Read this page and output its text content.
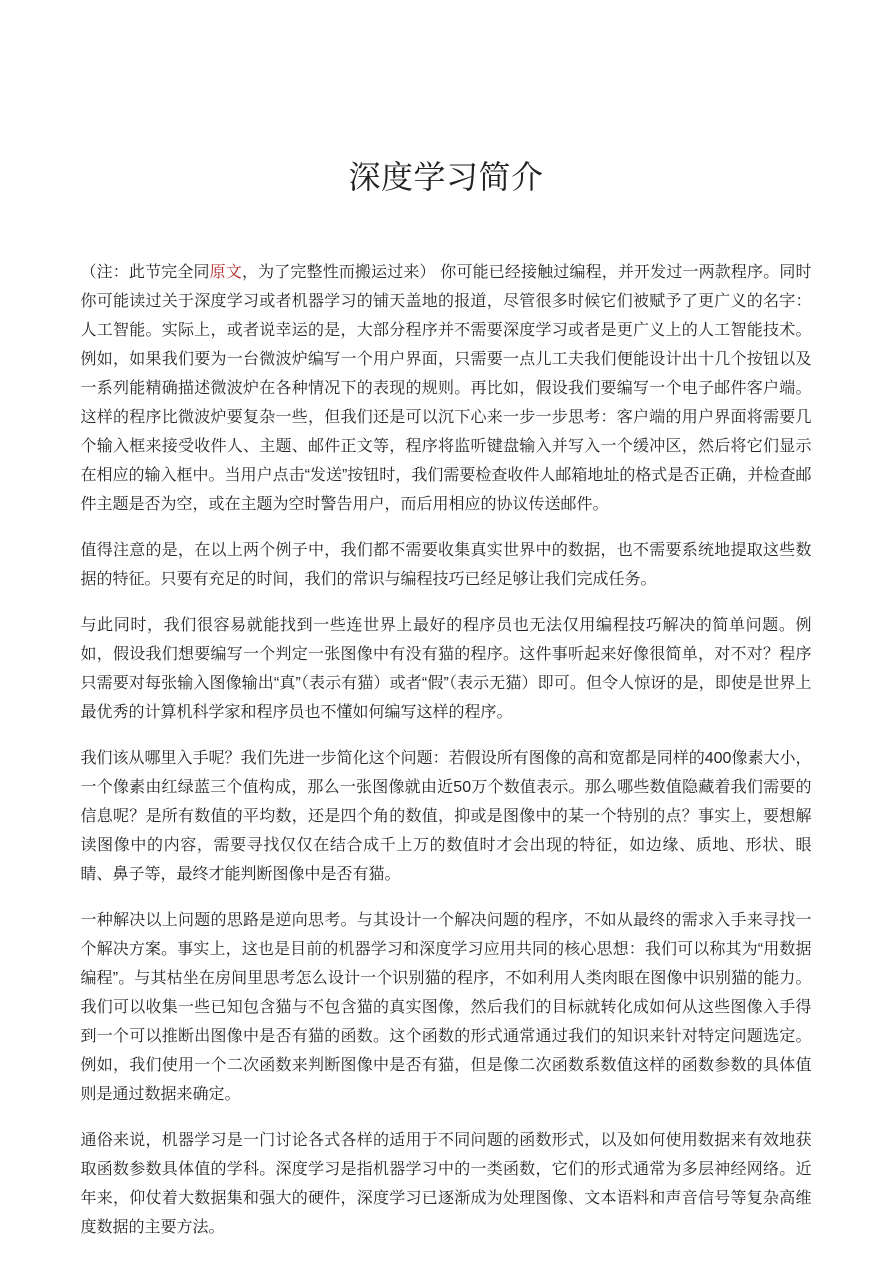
深度学习简介

（注：此节完全同原文，为了完整性而搬运过来） 你可能已经接触过编程，并开发过一两款程序。同时你可能读过关于深度学习或者机器学习的铺天盖地的报道，尽管很多时候它们被赋予了更广义的名字：人工智能。实际上，或者说幸运的是，大部分程序并不需要深度学习或者是更广义上的人工智能技术。例如，如果我们要为一台微波炉编写一个用户界面，只需要一点儿工夫我们便能设计出十几个按钮以及一系列能精确描述微波炉在各种情况下的表现的规则。再比如，假设我们要编写一个电子邮件客户端。这样的程序比微波炉要复杂一些，但我们还是可以沉下心来一步一步思考：客户端的用户界面将需要几个输入框来接受收件人、主题、邮件正文等，程序将监听键盘输入并写入一个缓冲区，然后将它们显示在相应的输入框中。当用户点击“发送”按钮时，我们需要检查收件人邮箱地址的格式是否正确，并检查邮件主题是否为空，或在主题为空时警告用户，而后用相应的协议传送邮件。

值得注意的是，在以上两个例子中，我们都不需要收集真实世界中的数据，也不需要系统地提取这些数据的特征。只要有充足的时间，我们的常识与编程技巧已经足够让我们完成任务。

与此同时，我们很容易就能找到一些连世界上最好的程序员也无法仅用编程技巧解决的简单问题。例如，假设我们想要编写一个判定一张图像中有没有猫的程序。这件事听起来好像很简单，对不对？程序只需要对每张输入图像输出“真”（表示有猫）或者“假”（表示无猫）即可。但令人惊讶的是，即使是世界上最优秀的计算机科学家和程序员也不懂如何编写这样的程序。

我们该从哪里入手呢？我们先进一步简化这个问题：若假设所有图像的高和宽都是同样的400像素大小，一个像素由红绿蓝三个值构成，那么一张图像就由近50万个数值表示。那么哪些数值隐藏着我们需要的信息呢？是所有数值的平均数，还是四个角的数值，抑或是图像中的某一个特别的点？事实上，要想解读图像中的内容，需要寻找仅仅在结合成千上万的数值时才会出现的特征，如边缘、质地、形状、眼睛、鼻子等，最终才能判断图像中是否有猫。

一种解决以上问题的思路是逆向思考。与其设计一个解决问题的程序，不如从最终的需求入手来寻找一个解决方案。事实上，这也是目前的机器学习和深度学习应用共同的核心思想：我们可以称其为“用数据编程”。与其枯坐在房间里思考怎么设计一个识别猫的程序，不如利用人类肉眼在图像中识别猫的能力。我们可以收集一些已知包含猫与不包含猫的真实图像，然后我们的目标就转化成如何从这些图像入手得到一个可以推断出图像中是否有猫的函数。这个函数的形式通常通过我们的知识来针对特定问题选定。例如，我们使用一个二次函数来判断图像中是否有猫，但是像二次函数系数值这样的函数参数的具体值则是通过数据来确定。

通俗来说，机器学习是一门讨论各式各样的适用于不同问题的函数形式，以及如何使用数据来有效地获取函数参数具体值的学科。深度学习是指机器学习中的一类函数，它们的形式通常为多层神经网络。近年来，仰仗着大数据集和强大的硬件，深度学习已逐渐成为处理图像、文本语料和声音信号等复杂高维度数据的主要方法。
